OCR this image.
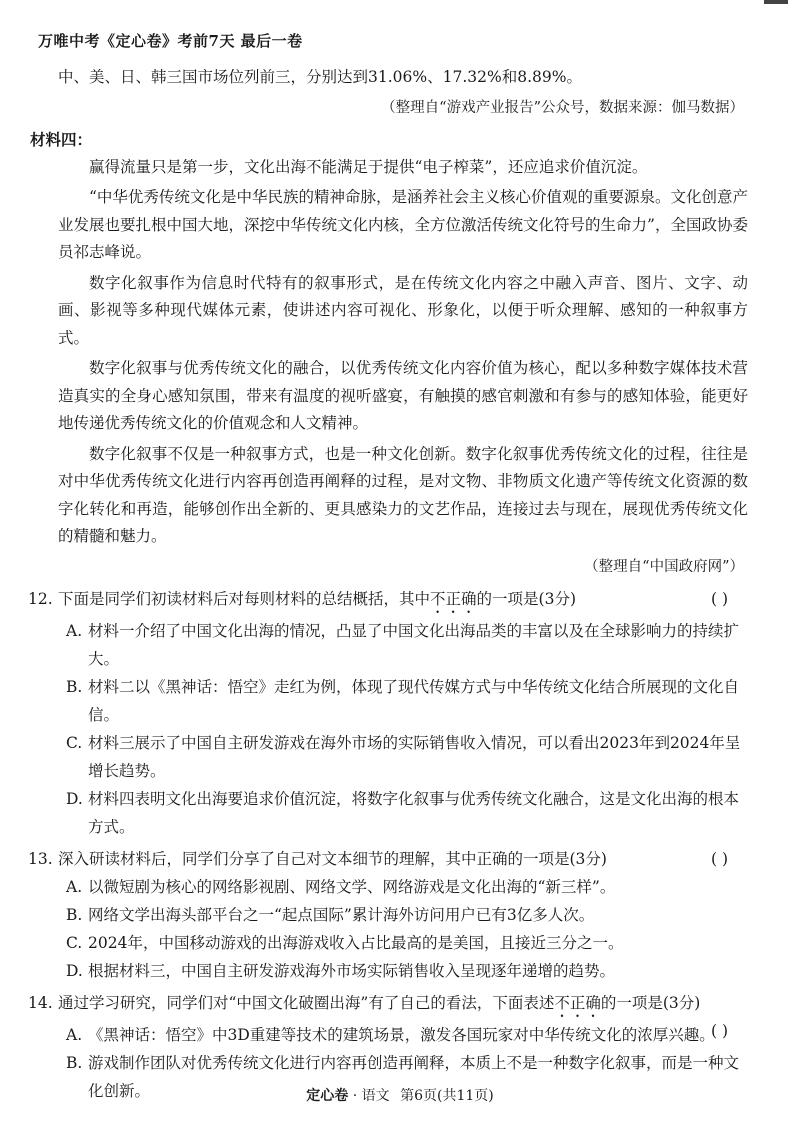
万唯中考《定心卷》考前7天 最后一卷

中、美、日、韩三国市场位列前三，分别达到31.06%、17.32%和8.89%。

（整理自“游戏产业报告”公众号，数据来源：伽马数据）

材料四：

赢得流量只是第一步，文化出海不能满足于提供“电子榨菜”，还应追求价值沉淀。

“中华优秀传统文化是中华民族的精神命脉，是涵养社会主义核心价值观的重要源泉。文化创意产业发展也要扎根中国大地，深挖中华传统文化内核，全方位激活传统文化符号的生命力”，全国政协委员祁志峰说。

数字化叙事作为信息时代特有的叙事形式，是在传统文化内容之中融入声音、图片、文字、动画、影视等多种现代媒体元素，使讲述内容可视化、形象化，以便于听众理解、感知的一种叙事方式。

数字化叙事与优秀传统文化的融合，以优秀传统文化内容价值为核心，配以多种数字媒体技术营造真实的全身心感知氛围，带来有温度的视听盛宴，有触摸的感官刺激和有参与的感知体验，能更好地传递优秀传统文化的价值观念和人文精神。

数字化叙事不仅是一种叙事方式，也是一种文化创新。数字化叙事优秀传统文化的过程，往往是对中华优秀传统文化进行内容再创造再阐释的过程，是对文物、非物质文化遗产等传统文化资源的数字化转化和再造，能够创作出全新的、更具感染力的文艺作品，连接过去与现在，展现优秀传统文化的精髓和魅力。

（整理自“中国政府网”）

12. 下面是同学们初读材料后对每则材料的总结概括，其中不正确的一项是(3分)	( )
A. 材料一介绍了中国文化出海的情况，凸显了中国文化出海品类的丰富以及在全球影响力的持续扩大。
B. 材料二以《黑神话：悟空》走红为例，体现了现代传媒方式与中华传统文化结合所展现的文化自信。
C. 材料三展示了中国自主研发游戏在海外市场的实际销售收入情况，可以看出2023年到2024年呈增长趋势。
D. 材料四表明文化出海要追求价值沉淀，将数字化叙事与优秀传统文化融合，这是文化出海的根本方式。
13. 深入研读材料后，同学们分享了自己对文本细节的理解，其中正确的一项是(3分)	( )
A. 以微短剧为核心的网络影视剧、网络文学、网络游戏是文化出海的“新三样”。
B. 网络文学出海头部平台之一“起点国际”累计海外访问用户已有3亿多人次。
C. 2024年，中国移动游戏的出海游戏收入占比最高的是美国，且接近三分之一。
D. 根据材料三，中国自主研发游戏海外市场实际销售收入呈现逐年递增的趋势。
14. 通过学习研究，同学们对“中国文化破圈出海”有了自己的看法，下面表述不正确的一项是(3分)
( )
A. 《黑神话：悟空》中3D重建等技术的建筑场景，激发各国玩家对中华传统文化的浓厚兴趣。
B. 游戏制作团队对优秀传统文化进行内容再创造再阐释，本质上不是一种数字化叙事，而是一种文化创新。	定心卷 · 语文 第6页(共11页)
